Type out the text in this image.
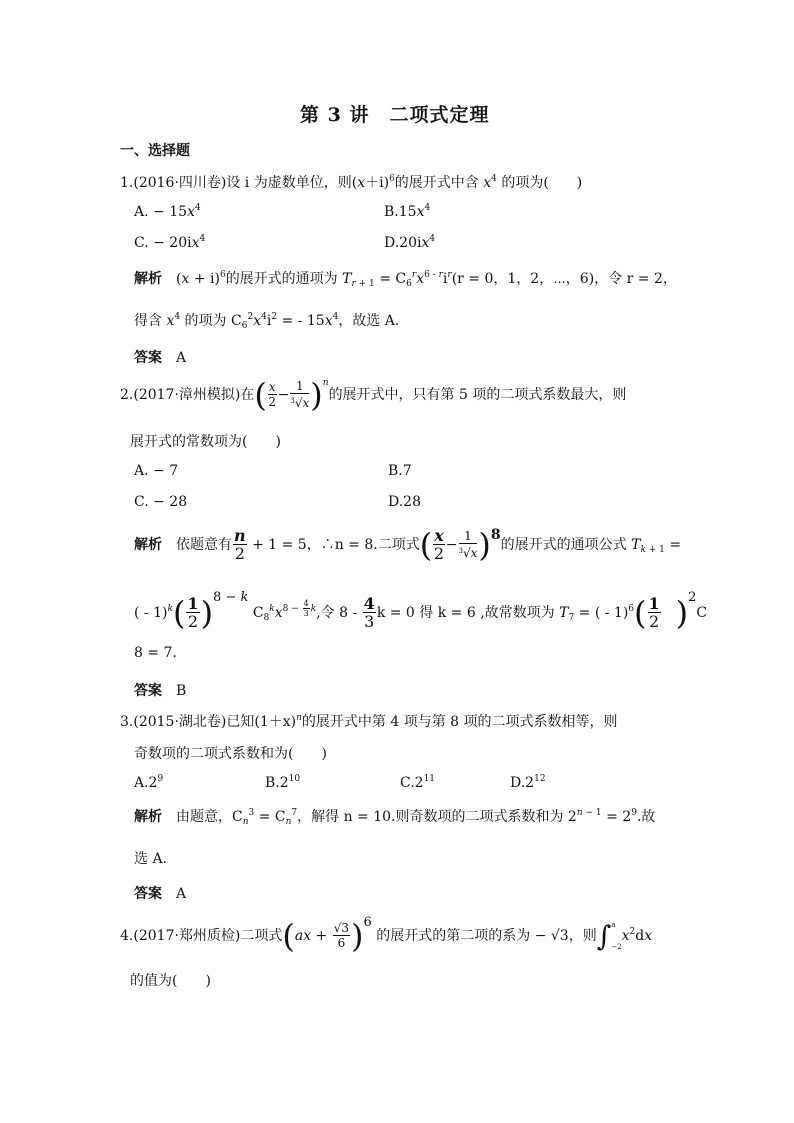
第 3 讲　二项式定理
一、选择题
1.(2016·四川卷)设 i 为虚数单位，则$(x+i)^6$的展开式中含 $x^4$ 的项为(　　)
A. − $15x^4$	$B.15x^4$
C. − $20ix^4$	$D.20ix^4$
解析 $(x + i)^6$的展开式的通项为 $T_{r + 1} = C_6^rx^{6 - r}i^r(r = 0$，1，2，⋯，6)，令 r = 2，
得含 $x^4$ 的项为 $C_6^2x^4i^2$ = - $15x^4$，故选 A.
答案 A
2.(2017·漳州模拟)在( $\frac{x}{2} - \frac{1}{^3√x} )^n$的展开式中，只有第 5 项的二项式系数最大，则
展开式的常数项为(　　)
A. − 7	B.7
C. − 28	D.28
解析 依题意有 $\frac{n}{2} + 1 = 5$，∴n = 8.二项式( $\frac{x}{2} - \frac{1}{^3√x} )8$的展开式的通项公式 $T_{k + 1}$ =
( - $1)^k( \frac{1}{2} )^{8 - k}$ $C_8^kx^{8 - \frac{4}{3} k}$,令 $8 - \frac{4}{3}$ k = 0 得 k = 6 ,故常数项为 $T_7$ = ( - $1)^6( \frac{1}{2} )^2C$
8 = 7.
答案 B
3.(2015·湖北卷)已知$(1+x)^n$的展开式中第 4 项与第 8 项的二项式系数相等，则
奇数项的二项式系数和为(　　)
$A.2^9$	$B.2^{10}$	$C.2^{11}$	$D.2^{12}$
解析 由题意，$C_n^3 = C_n^7$，解得 n = 10.则奇数项的二项式系数和为 $2^{n - 1} = 2^9$.故
选 A.
答案 A
4.(2017·郑州质检)二项式$(ax + \frac{√3}{6} )^6$ 的展开式的第二项的系为 − √3，则∫ a
−2
$x^2dx$
的值为(　　)
